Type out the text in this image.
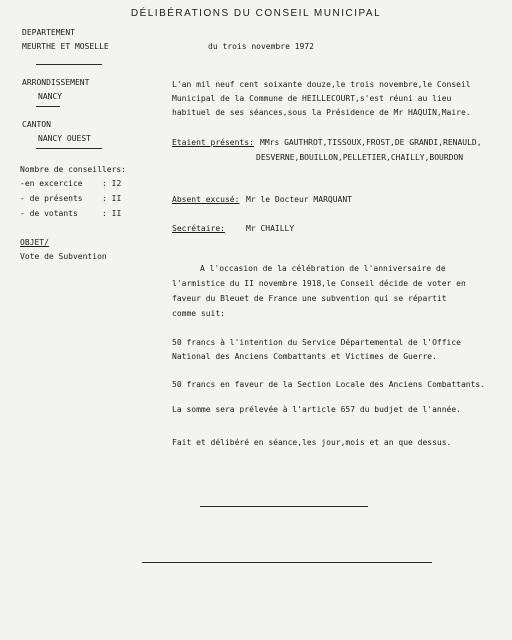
DÉLIBÉRATIONS DU CONSEIL MUNICIPAL
DEPARTEMENT
MEURTHE ET MOSELLE
ARRONDISSEMENT
NANCY
CANTON
NANCY OUEST
Nombre de conseillers:
-en excercice : I2
- de présents : II
- de votants	: II
OBJET/
Vote de Subvention
du trois novembre 1972
L'an mil neuf cent soixante douze,le trois novembre,le Conseil
Municipal de la Commune de HEILLECOURT,s'est réuni au lieu
habituel de ses séances,sous la Présidence de Mr HAQUIN,Maire.
Etaient présents: MMrs GAUTHROT,TISSOUX,FROST,DE GRANDI,RENAULD,
DESVERNE,BOUILLON,PELLETIER,CHAILLY,BOURDON
Absent excusé: Mr le Docteur MARQUANT
Secrétaire:	Mr CHAILLY
A l'occasion de la célébration de l'anniversaire de
l'armistice du II novembre 1918,le Conseil décide de voter en
faveur du Bleuet de France une subvention qui se répartit
comme suit:
50 francs à l'intention du Service Départemental de l'Office
National des Anciens Combattants et Victimes de Guerre.
50 francs en faveur de la Section Locale des Anciens Combattants.
La somme sera prélevée à l'article 657 du budjet de l'année.
Fait et délibéré en séance,les jour,mois et an que dessus.
